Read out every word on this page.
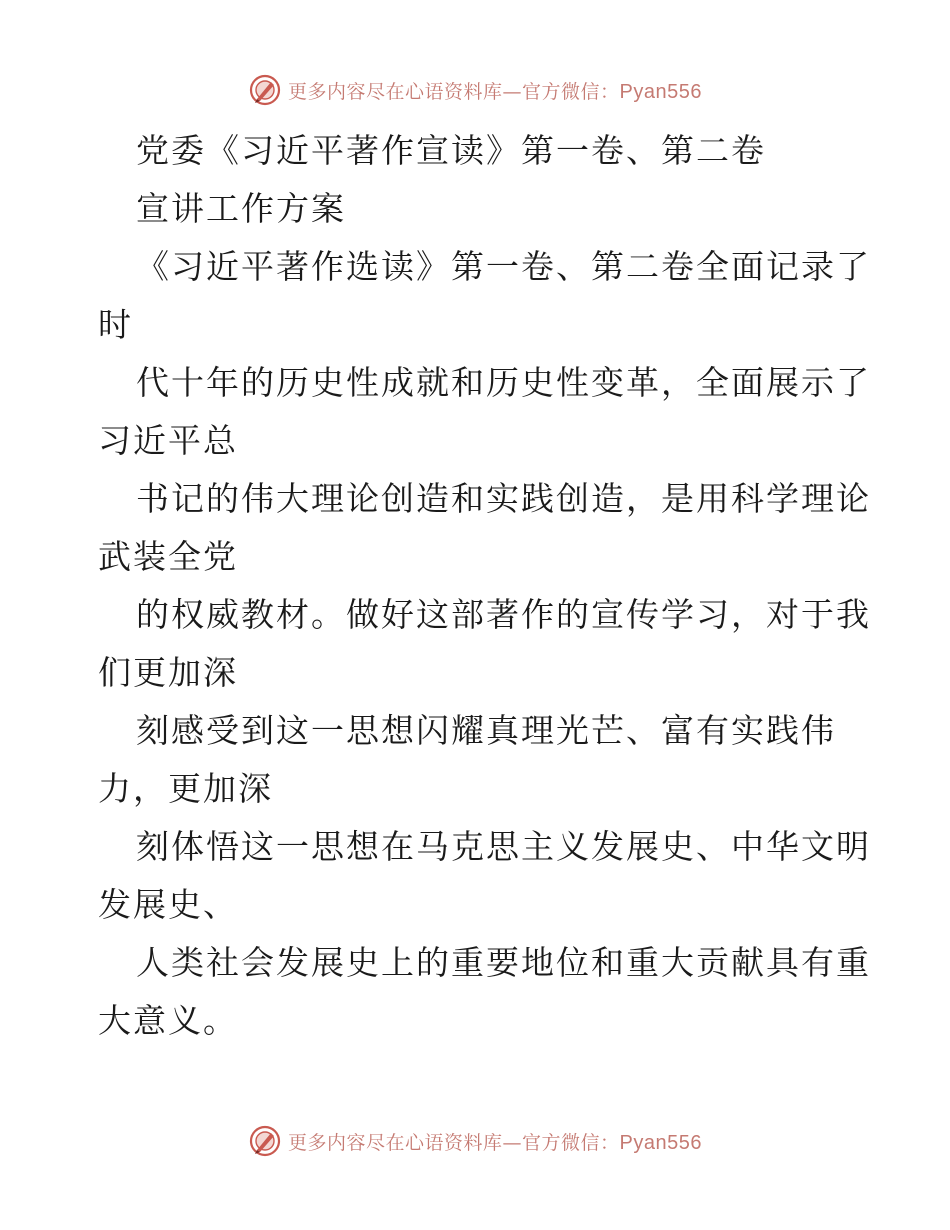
更多内容尽在心语资料库—官方微信：Pyan556
党委《习近平著作宣读》第一卷、第二卷
宣讲工作方案
《习近平著作选读》第一卷、第二卷全面记录了
时
代十年的历史性成就和历史性变革，全面展示了
习近平总
书记的伟大理论创造和实践创造，是用科学理论
武装全党
的权威教材。做好这部著作的宣传学习，对于我
们更加深
刻感受到这一思想闪耀真理光芒、富有实践伟
力，更加深
刻体悟这一思想在马克思主义发展史、中华文明
发展史、
人类社会发展史上的重要地位和重大贡献具有重
大意义。
更多内容尽在心语资料库—官方微信：Pyan556
